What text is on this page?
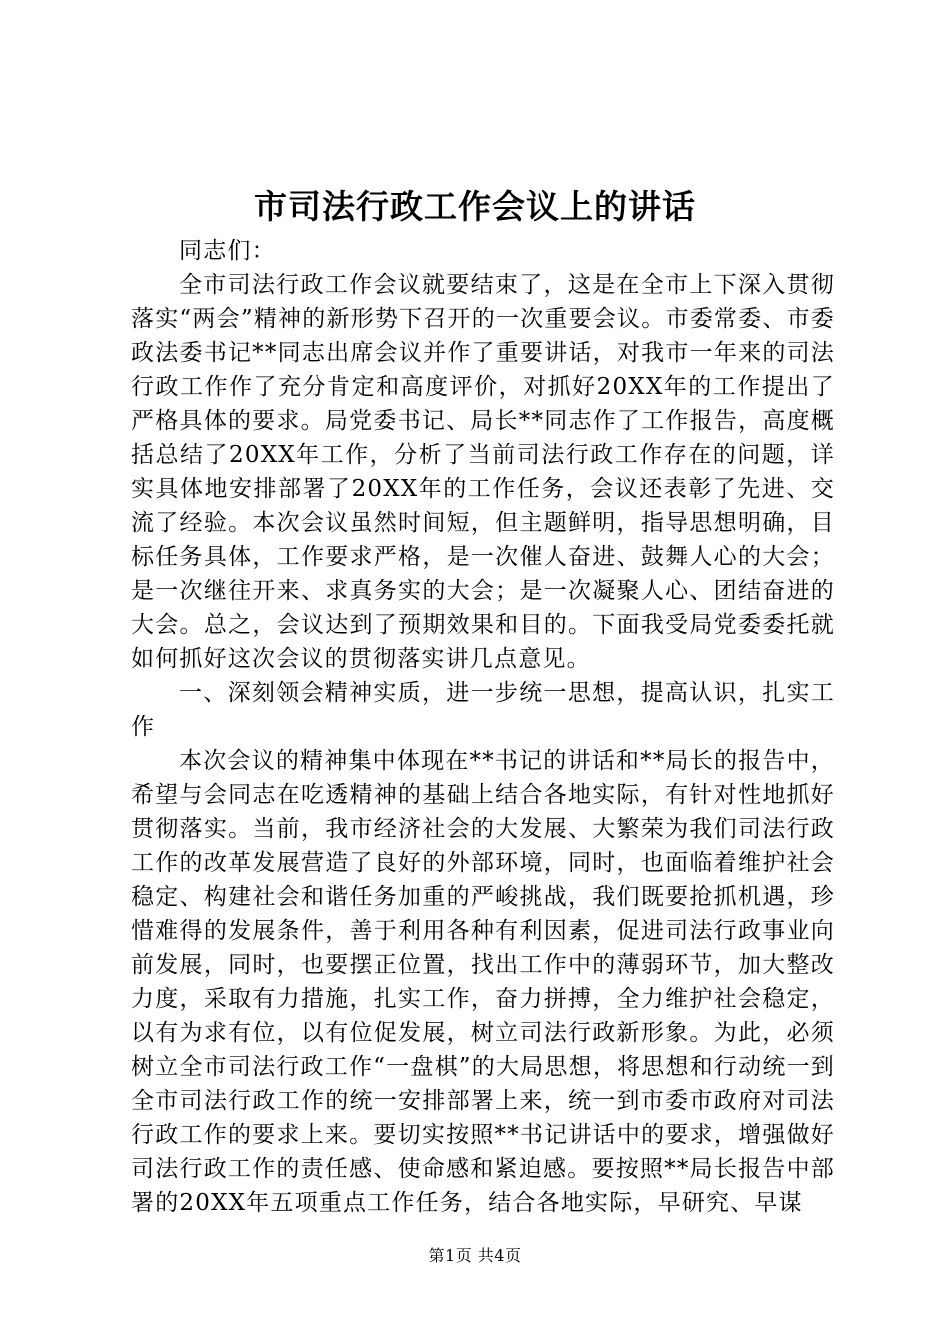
市司法行政工作会议上的讲话

同志们：

全市司法行政工作会议就要结束了，这是在全市上下深入贯彻落实“两会”精神的新形势下召开的一次重要会议。市委常委、市委政法委书记**同志出席会议并作了重要讲话，对我市一年来的司法行政工作作了充分肯定和高度评价，对抓好20XX年的工作提出了严格具体的要求。局党委书记、局长**同志作了工作报告，高度概括总结了20XX年工作，分析了当前司法行政工作存在的问题，详实具体地安排部署了20XX年的工作任务，会议还表彰了先进、交流了经验。本次会议虽然时间短，但主题鲜明，指导思想明确，目标任务具体，工作要求严格，是一次催人奋进、鼓舞人心的大会；是一次继往开来、求真务实的大会；是一次凝聚人心、团结奋进的大会。总之，会议达到了预期效果和目的。下面我受局党委委托就如何抓好这次会议的贯彻落实讲几点意见。

一、深刻领会精神实质，进一步统一思想，提高认识，扎实工作

本次会议的精神集中体现在**书记的讲话和**局长的报告中，希望与会同志在吃透精神的基础上结合各地实际，有针对性地抓好贯彻落实。当前，我市经济社会的大发展、大繁荣为我们司法行政工作的改革发展营造了良好的外部环境，同时，也面临着维护社会稳定、构建社会和谐任务加重的严峻挑战，我们既要抢抓机遇，珍惜难得的发展条件，善于利用各种有利因素，促进司法行政事业向前发展，同时，也要摆正位置，找出工作中的薄弱环节，加大整改力度，采取有力措施，扎实工作，奋力拼搏，全力维护社会稳定，以有为求有位，以有位促发展，树立司法行政新形象。为此，必须树立全市司法行政工作“一盘棋”的大局思想，将思想和行动统一到全市司法行政工作的统一安排部署上来，统一到市委市政府对司法行政工作的要求上来。要切实按照**书记讲话中的要求，增强做好司法行政工作的责任感、使命感和紧迫感。要按照**局长报告中部署的20XX年五项重点工作任务，结合各地实际，早研究、早谋

第1页 共4页
